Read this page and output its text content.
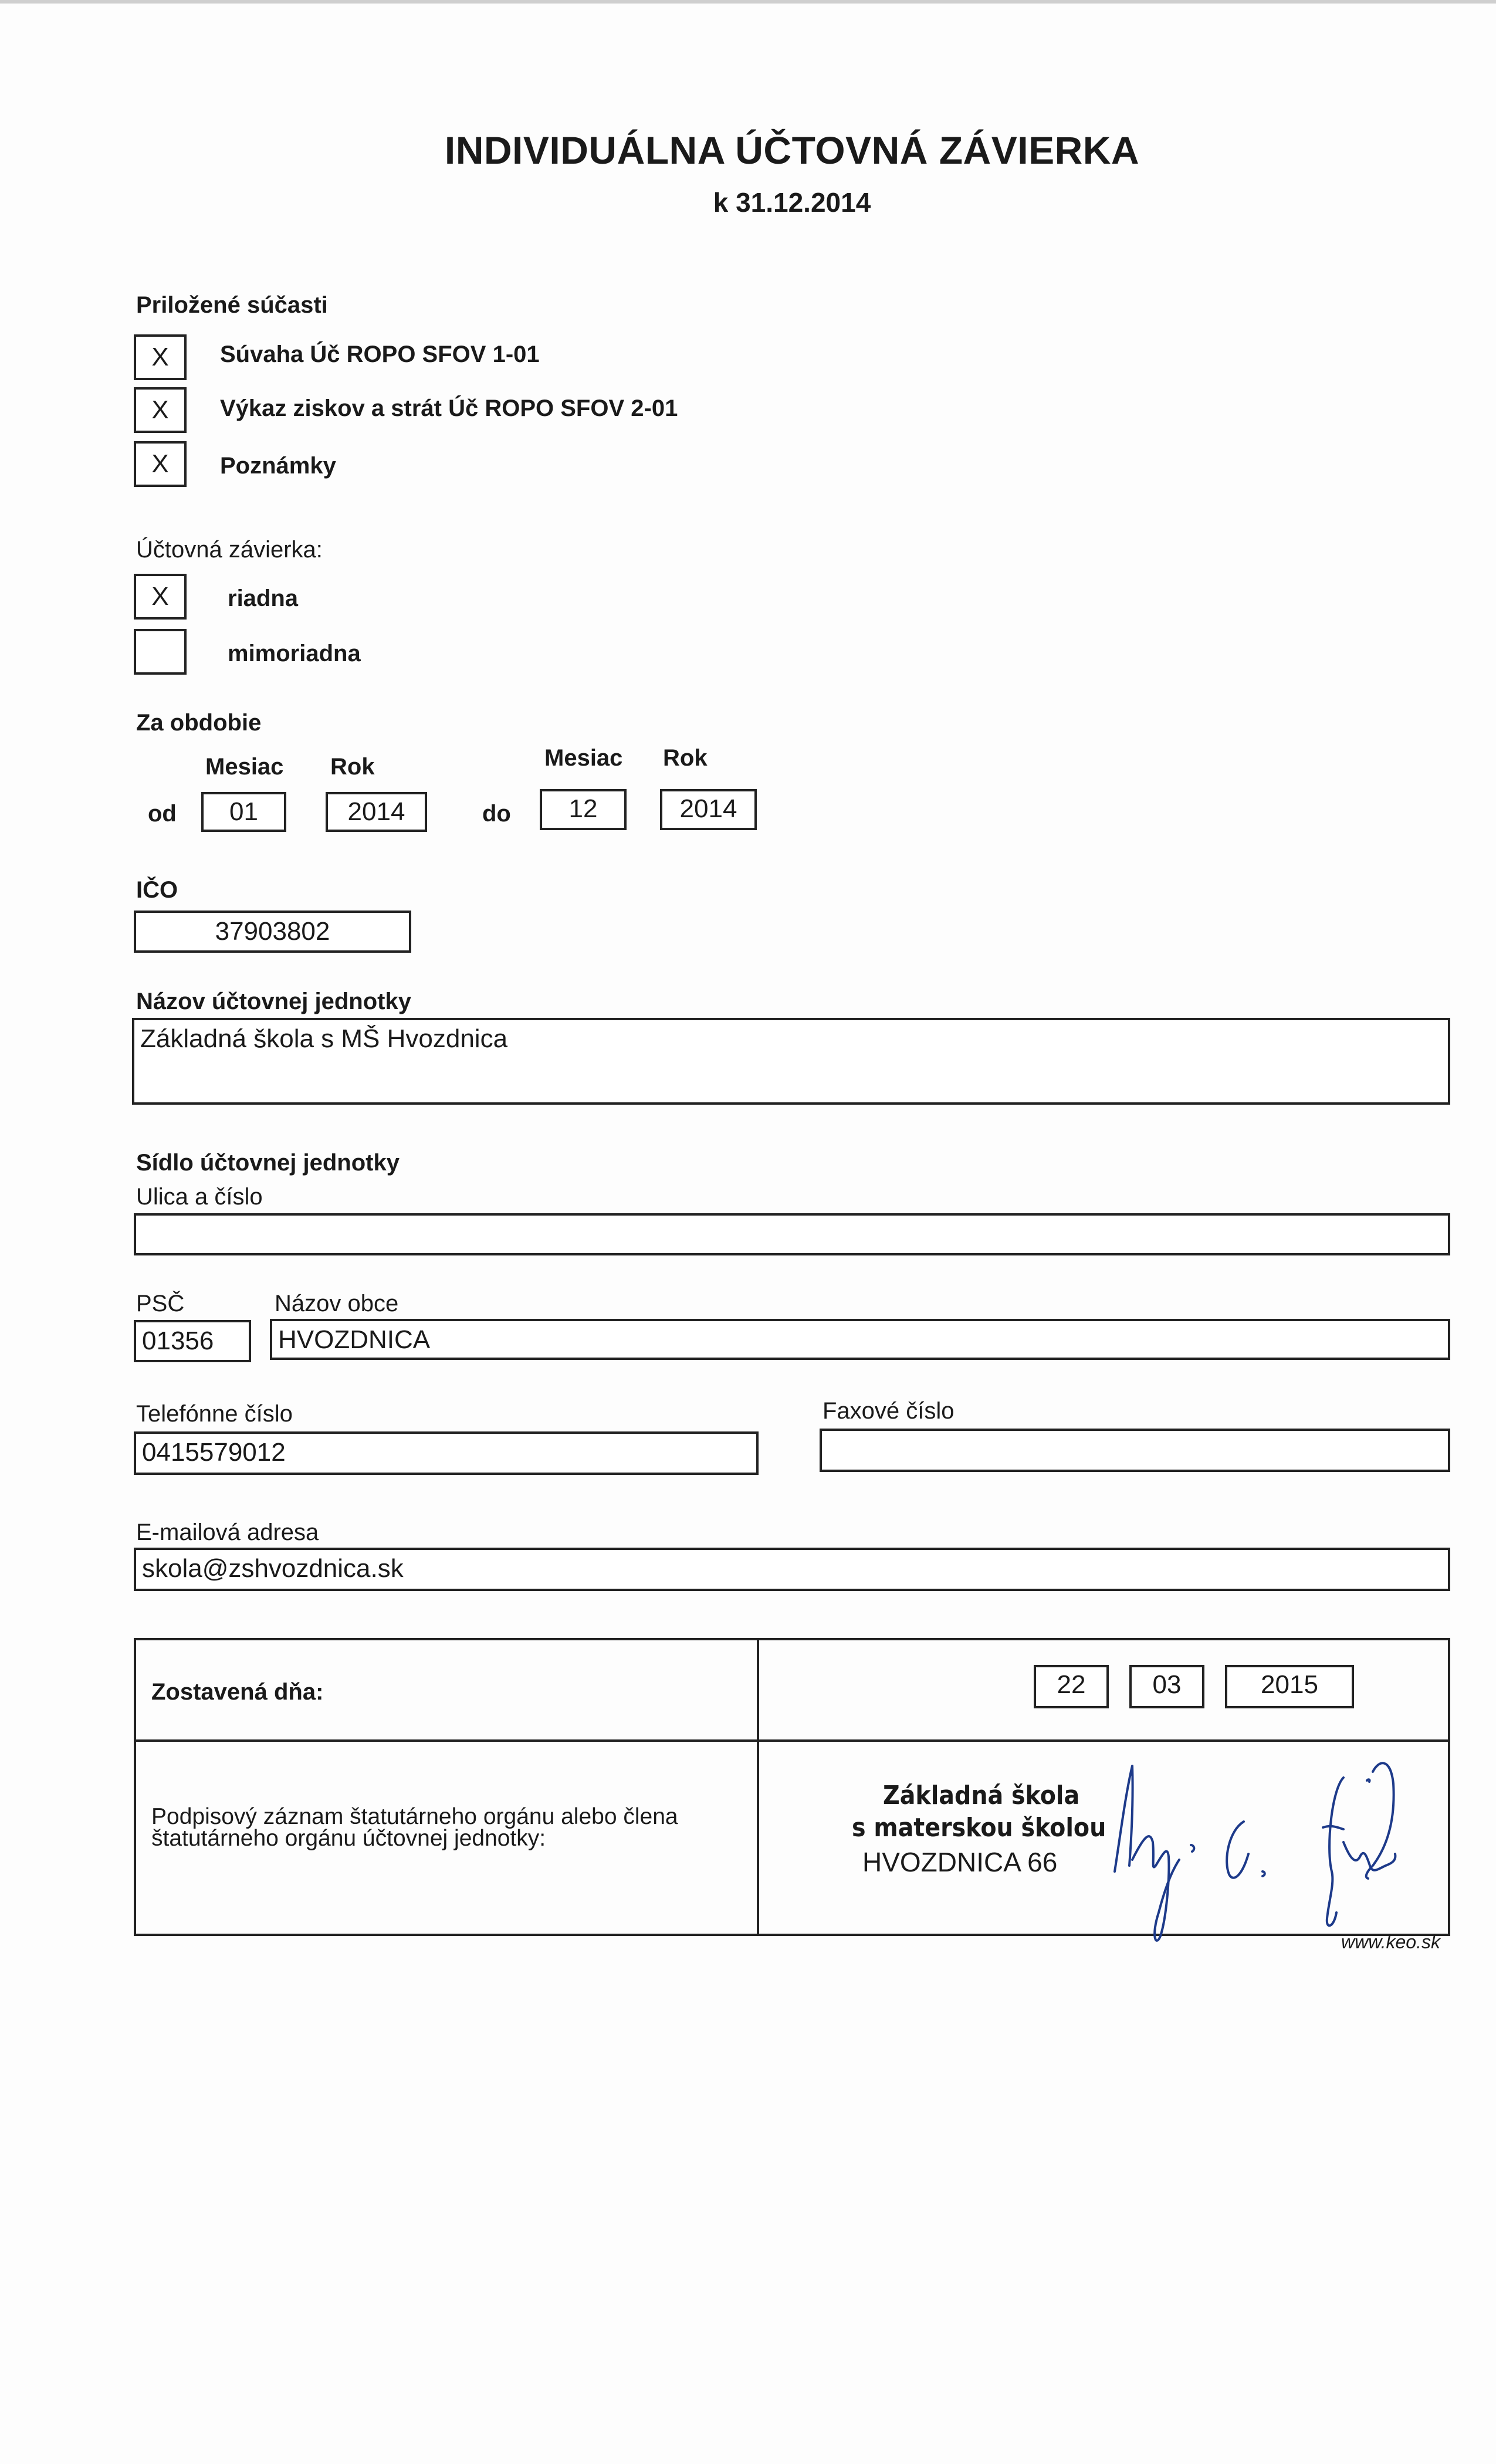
INDIVIDUÁLNA ÚČTOVNÁ ZÁVIERKA
k 31.12.2014
Priložené súčasti
X	Súvaha Úč ROPO SFOV 1-01
X	Výkaz ziskov a strát Úč ROPO SFOV 2-01
X	Poznámky
Účtovná závierka:
X	riadna
mimoriadna
Za obdobie
Mesiac Rok	Mesiac Rok
od	01	2014	do	12	2014
IČO
37903802
Názov účtovnej jednotky
Základná škola s MŠ Hvozdnica
Sídlo účtovnej jednotky
Ulica a číslo
PSČ	Názov obce
01356 HVOZDNICA
Telefónne číslo	Faxové číslo
0415579012
E-mailová adresa
skola@zshvozdnica.sk
Zostavená dňa:	22	03	2015
Podpisový záznam štatutárneho orgánu alebo člena
štatutárneho orgánu účtovnej jednotky:
Základná škola
s materskou školou
HVOZDNICA 66
www.keo.sk
